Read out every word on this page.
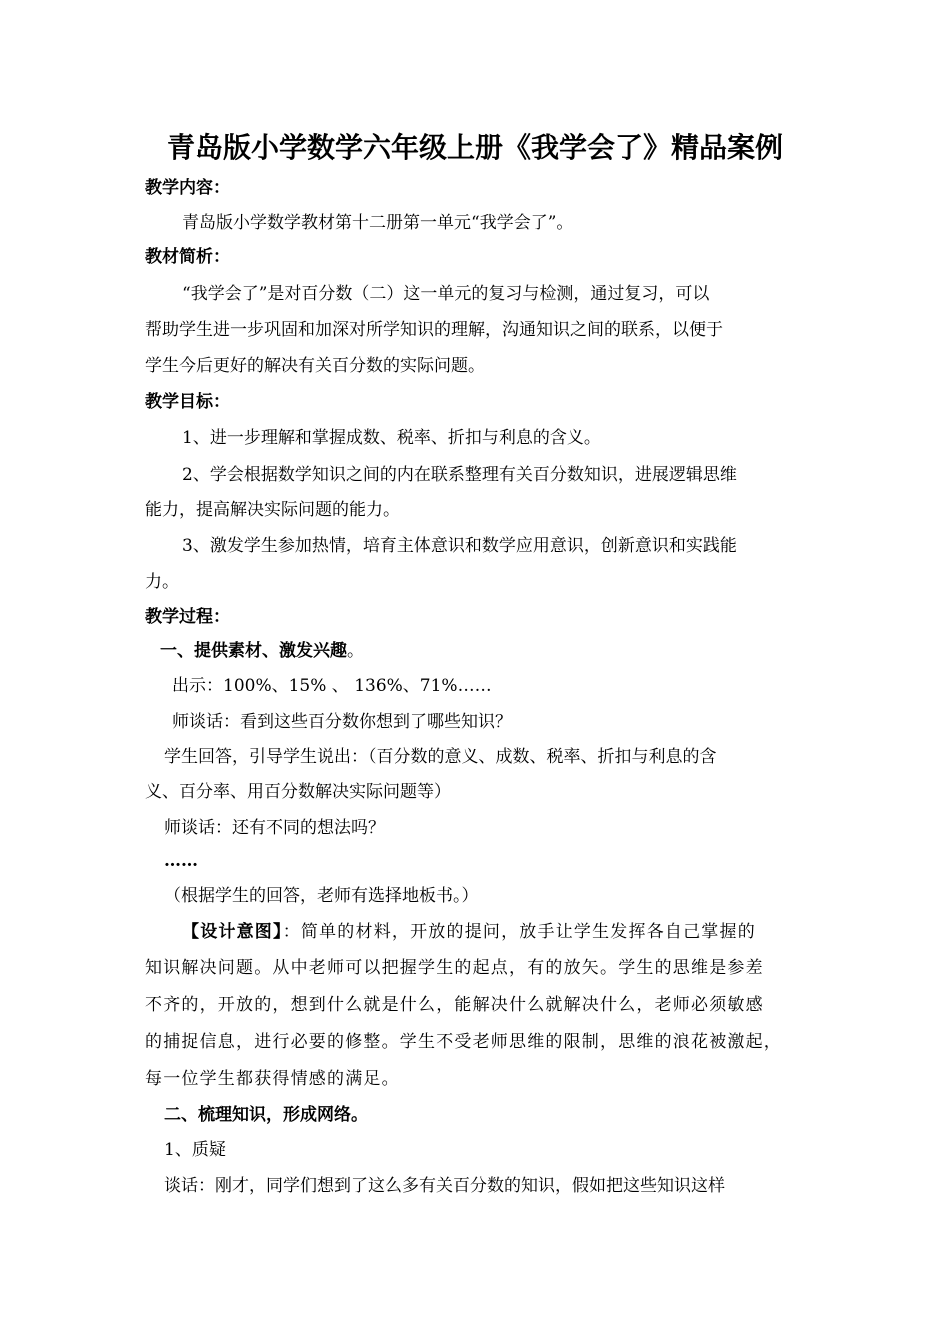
青岛版小学数学六年级上册《我学会了》精品案例
教学内容：
青岛版小学数学教材第十二册第一单元“我学会了”。
教材简析：
“我学会了”是对百分数（二）这一单元的复习与检测，通过复习，可以
帮助学生进一步巩固和加深对所学知识的理解，沟通知识之间的联系，以便于
学生今后更好的解决有关百分数的实际问题。
教学目标：
1、进一步理解和掌握成数、税率、折扣与利息的含义。
2、学会根据数学知识之间的内在联系整理有关百分数知识，进展逻辑思维
能力，提高解决实际问题的能力。
3、激发学生参加热情，培育主体意识和数学应用意识，创新意识和实践能
力。
教学过程：
一、提供素材、激发兴趣。
出示：100%、15% 、 136%、71%……
师谈话：看到这些百分数你想到了哪些知识？
学生回答，引导学生说出：（百分数的意义、成数、税率、折扣与利息的含
义、百分率、用百分数解决实际问题等）
师谈话：还有不同的想法吗？
……
（根据学生的回答，老师有选择地板书。）
【设计意图】：简单的材料，开放的提问，放手让学生发挥各自己掌握的
知识解决问题。从中老师可以把握学生的起点，有的放矢。学生的思维是参差
不齐的，开放的，想到什么就是什么，能解决什么就解决什么，老师必须敏感
的捕捉信息，进行必要的修整。学生不受老师思维的限制，思维的浪花被激起，
每一位学生都获得情感的满足。
二、梳理知识，形成网络。
1、质疑
谈话：刚才，同学们想到了这么多有关百分数的知识，假如把这些知识这样
